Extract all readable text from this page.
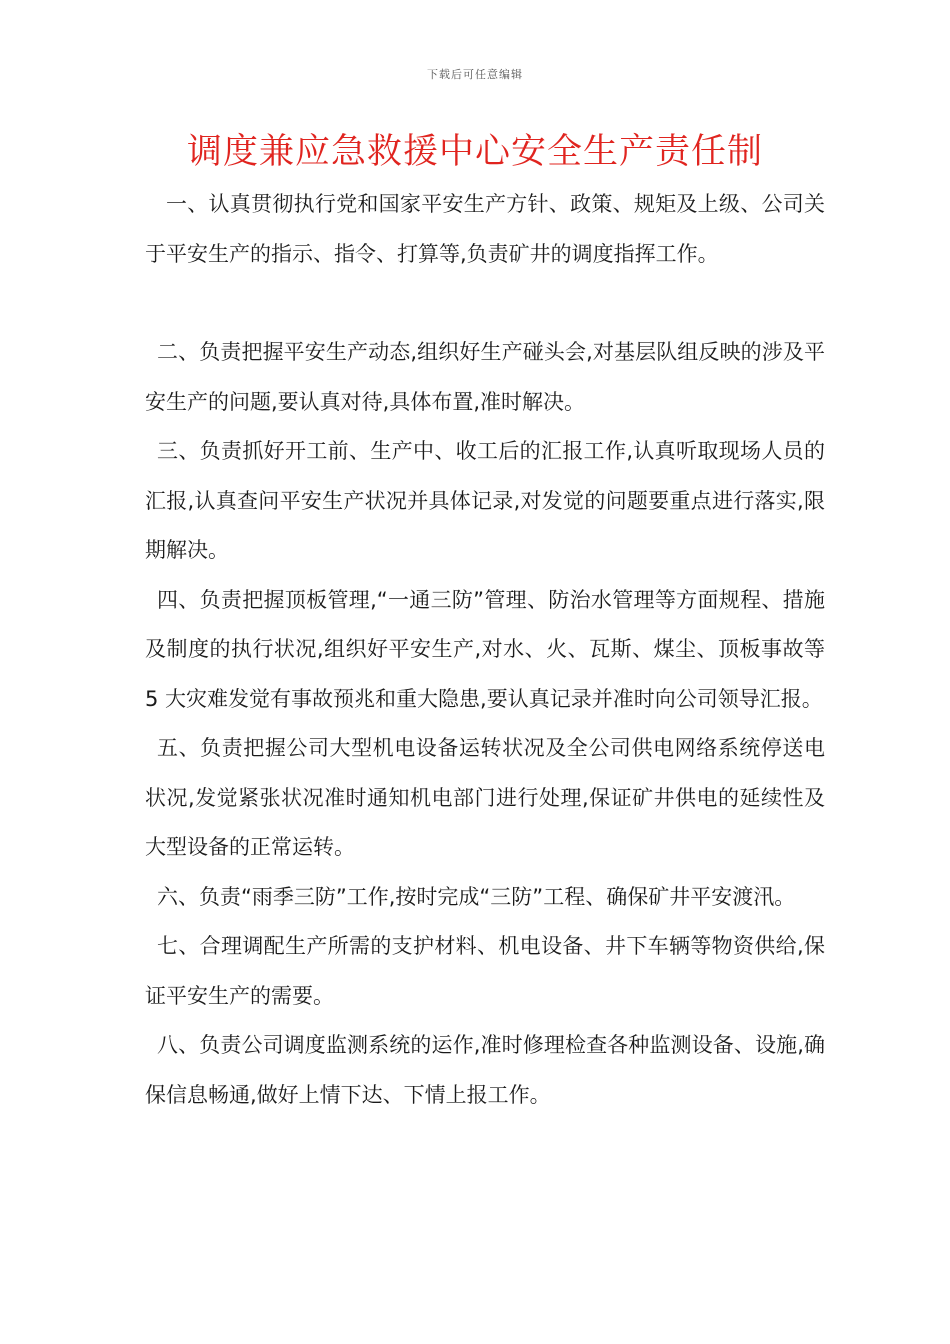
下载后可任意编辑
调度兼应急救援中心安全生产责任制

一、认真贯彻执行党和国家平安生产方针、政策、规矩及上级、公司关于平安生产的指示、指令、打算等,负责矿井的调度指挥工作。

二、负责把握平安生产动态,组织好生产碰头会,对基层队组反映的涉及平安生产的问题,要认真对待,具体布置,准时解决。

三、负责抓好开工前、生产中、收工后的汇报工作,认真听取现场人员的汇报,认真查问平安生产状况并具体记录,对发觉的问题要重点进行落实,限期解决。

四、负责把握顶板管理,“一通三防”管理、防治水管理等方面规程、措施及制度的执行状况,组织好平安生产,对水、火、瓦斯、煤尘、顶板事故等 5 大灾难发觉有事故预兆和重大隐患,要认真记录并准时向公司领导汇报。

五、负责把握公司大型机电设备运转状况及全公司供电网络系统停送电状况,发觉紧张状况准时通知机电部门进行处理,保证矿井供电的延续性及大型设备的正常运转。

六、负责“雨季三防”工作,按时完成“三防”工程、确保矿井平安渡汛。

七、合理调配生产所需的支护材料、机电设备、井下车辆等物资供给,保证平安生产的需要。

八、负责公司调度监测系统的运作,准时修理检查各种监测设备、设施,确保信息畅通,做好上情下达、下情上报工作。
